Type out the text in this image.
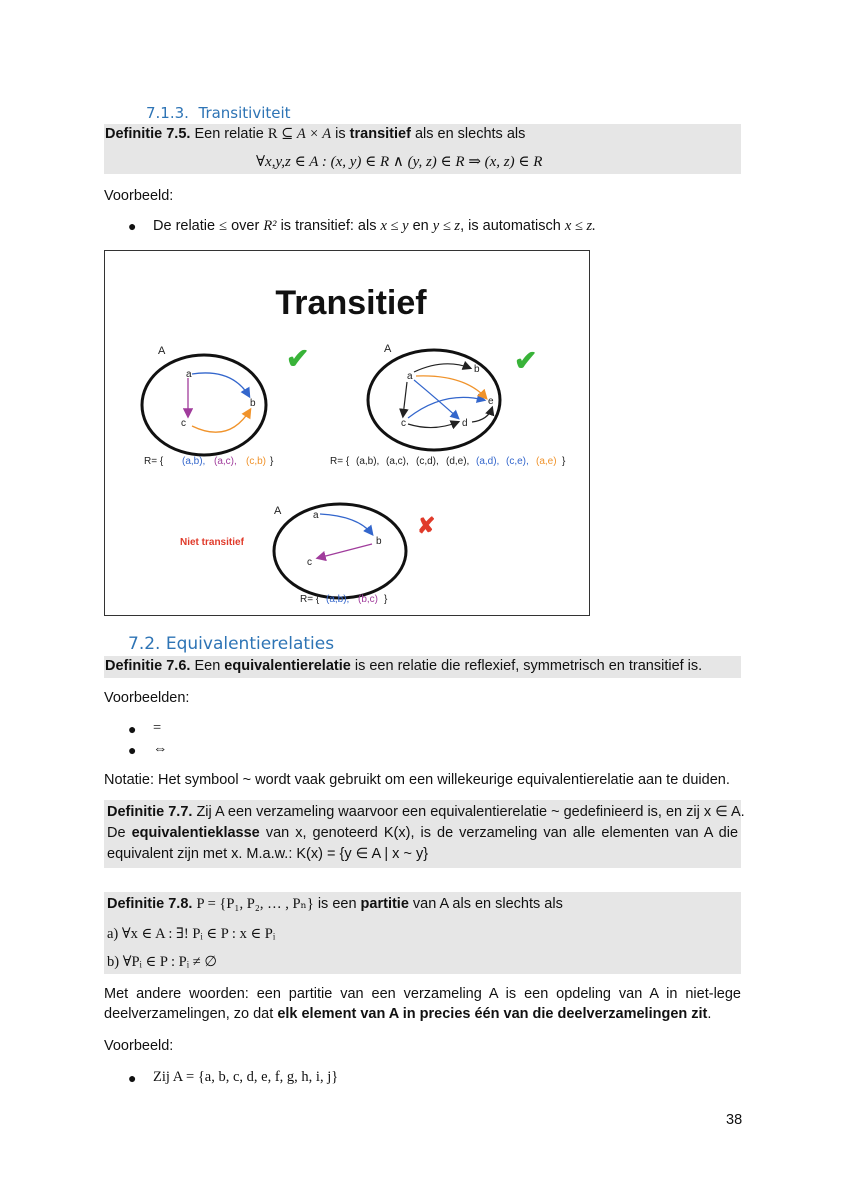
7.1.3. Transitiviteit
Definitie 7.5. Een relatie R ⊆ A × A is transitief als en slechts als
∀x,y,z ∈ A : (x, y) ∈ R ∧ (y, z) ∈ R ⇒ (x, z) ∈ R
Voorbeeld:
● De relatie ≤ over R² is transitief: als x ≤ y en y ≤ z, is automatisch x ≤ z.
Transitief
A	✔
a
b
c
R= { (a,b), (a,c), (c,b) }
A	✔
a
b
c	d
e
R= { (a,b), (a,c), (c,d), (d,e), (a,d), (c,e), (a,e) }
Niet transitief
A
✘
a
b
c
R= { (a,b), (b,c) }
7.2. Equivalentierelaties
Definitie 7.6. Een equivalentierelatie is een relatie die reflexief, symmetrisch en transitief is.
Voorbeelden:
● =
● ⇔
Notatie: Het symbool ~ wordt vaak gebruikt om een willekeurige equivalentierelatie aan te duiden.
Definitie 7.7. Zij A een verzameling waarvoor een equivalentierelatie ~ gedefinieerd is, en zij x ∈ A.
De equivalentieklasse van x, genoteerd K(x), is de verzameling van alle elementen van A die
equivalent zijn met x. M.a.w.: K(x) = {y ∈ A | x ~ y}
Definitie 7.8. P = {P₁, P₂, … , Pₙ} is een partitie van A als en slechts als
a) ∀x ∈ A : ∃! Pᵢ ∈ P : x ∈ Pᵢ
b) ∀Pᵢ ∈ P : Pᵢ ≠ ∅
Met andere woorden: een partitie van een verzameling A is een opdeling van A in niet-lege
deelverzamelingen, zo dat elk element van A in precies één van die deelverzamelingen zit.
Voorbeeld:
● Zij A = {a, b, c, d, e, f, g, h, i, j}
38
